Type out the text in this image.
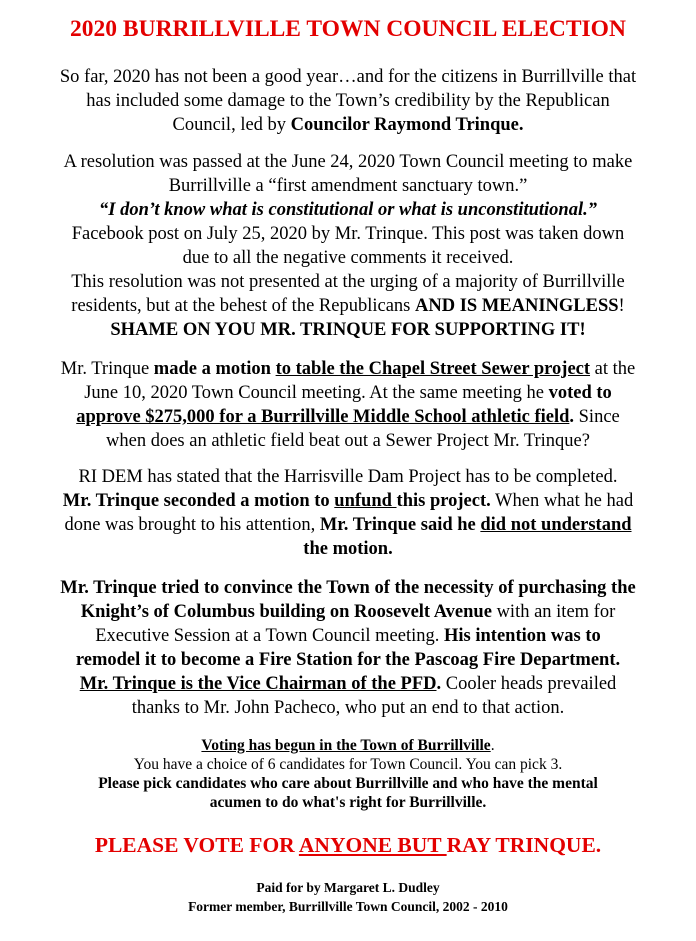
2020 BURRILLVILLE TOWN COUNCIL ELECTION
So far, 2020 has not been a good year…and for the citizens in Burrillville that
has included some damage to the Town’s credibility by the Republican
Council, led by Councilor Raymond Trinque.
A resolution was passed at the June 24, 2020 Town Council meeting to make
Burrillville a “first amendment sanctuary town.”
“I don’t know what is constitutional or what is unconstitutional.”
Facebook post on July 25, 2020 by Mr. Trinque. This post was taken down
due to all the negative comments it received.
This resolution was not presented at the urging of a majority of Burrillville
residents, but at the behest of the Republicans AND IS MEANINGLESS!
SHAME ON YOU MR. TRINQUE FOR SUPPORTING IT!
Mr. Trinque made a motion to table the Chapel Street Sewer project at the
June 10, 2020 Town Council meeting. At the same meeting he voted to
approve $275,000 for a Burrillville Middle School athletic field. Since
when does an athletic field beat out a Sewer Project Mr. Trinque?
RI DEM has stated that the Harrisville Dam Project has to be completed.
Mr. Trinque seconded a motion to unfund this project. When what he had
done was brought to his attention, Mr. Trinque said he did not understand
the motion.
Mr. Trinque tried to convince the Town of the necessity of purchasing the
Knight’s of Columbus building on Roosevelt Avenue with an item for
Executive Session at a Town Council meeting. His intention was to
remodel it to become a Fire Station for the Pascoag Fire Department.
Mr. Trinque is the Vice Chairman of the PFD. Cooler heads prevailed
thanks to Mr. John Pacheco, who put an end to that action.
Voting has begun in the Town of Burrillville.
You have a choice of 6 candidates for Town Council. You can pick 3.
Please pick candidates who care about Burrillville and who have the mental
acumen to do what's right for Burrillville.
PLEASE VOTE FOR ANYONE BUT RAY TRINQUE.
Paid for by Margaret L. Dudley
Former member, Burrillville Town Council, 2002 - 2010
